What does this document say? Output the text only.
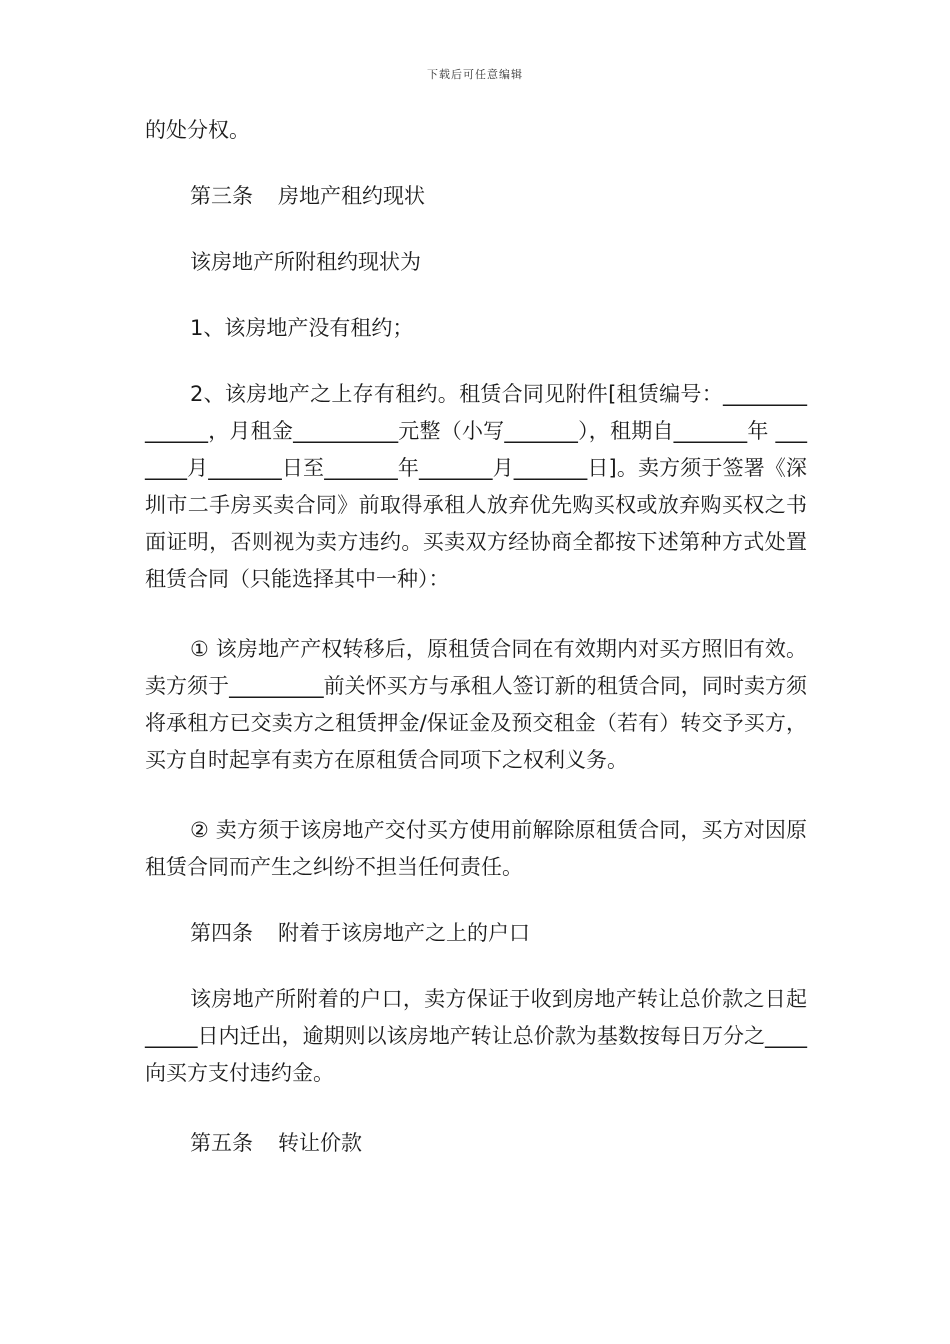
下载后可任意编辑

的处分权。

第三条 房地产租约现状

该房地产所附租约现状为

1、该房地产没有租约；

2、该房地产之上存有租约。租赁合同见附件[租赁编号：______________，月租金__________元整（小写_______），租期自_______年 _______月_______日至_______年_______月_______日]。卖方须于签署《深圳市二手房买卖合同》前取得承租人放弃优先购买权或放弃购买权之书面证明，否则视为卖方违约。买卖双方经协商全都按下述第种方式处置租赁合同（只能选择其中一种）：

① 该房地产产权转移后，原租赁合同在有效期内对买方照旧有效。卖方须于_________前关怀买方与承租人签订新的租赁合同，同时卖方须将承租方已交卖方之租赁押金/保证金及预交租金（若有）转交予买方，买方自时起享有卖方在原租赁合同项下之权利义务。

② 卖方须于该房地产交付买方使用前解除原租赁合同，买方对因原租赁合同而产生之纠纷不担当任何责任。

第四条 附着于该房地产之上的户口

该房地产所附着的户口，卖方保证于收到房地产转让总价款之日起_____日内迁出，逾期则以该房地产转让总价款为基数按每日万分之____向买方支付违约金。

第五条 转让价款
